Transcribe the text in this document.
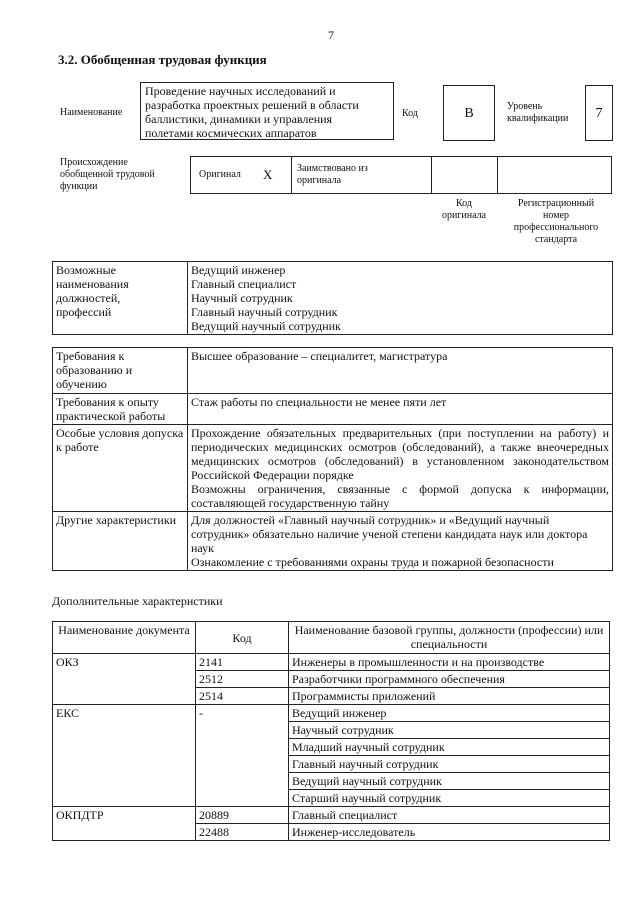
7
3.2. Обобщенная трудовая функция
Наименование
Проведение научных исследований и
разработка проектных решений в области
баллистики, динамики и управления
полетами космических аппаратов
Код	В	Уровень
квалификации	7
Происхождение
обобщенной трудовой
функции
Оригинал Х Заимствовано из
оригинала
Код
оригинала
Регистрационный
номер
профессионального
стандарта
Возможные
наименования
должностей,
профессий

Ведущий инженер
Главный специалист
Научный сотрудник
Главный научный сотрудник
Ведущий научный сотрудник
Требования к образованию и обучению	Высшее образование – специалитет, магистратура

Требования к опыту практической работы	Стаж работы по специальности не менее пяти лет

Особые условия допуска к работе	Прохождение обязательных предварительных (при поступлении на работу) и периодических медицинских осмотров (обследований), а также внеочередных медицинских осмотров (обследований) в установленном законодательством Российской Федерации порядке
Возможны ограничения, связанные с формой допуска к информации, составляющей государственную тайну

Другие характеристики	Для должностей «Главный научный сотрудник» и «Ведущий научный сотрудник» обязательно наличие ученой степени кандидата наук или доктора наук
Ознакомление с требованиями охраны труда и пожарной безопасности
Дополнительные характеристики
Наименование документа	Код	Наименование базовой группы, должности (профессии) или специальности
ОКЗ	2141	Инженеры в промышленности и на производстве
	2512	Разработчики программного обеспечения
	2514	Программисты приложений
ЕКС	-	Ведущий инженер
		Научный сотрудник
		Младший научный сотрудник
		Главный научный сотрудник
		Ведущий научный сотрудник
		Старший научный сотрудник
ОКПДТР	20889	Главный специалист
	22488	Инженер-исследователь
